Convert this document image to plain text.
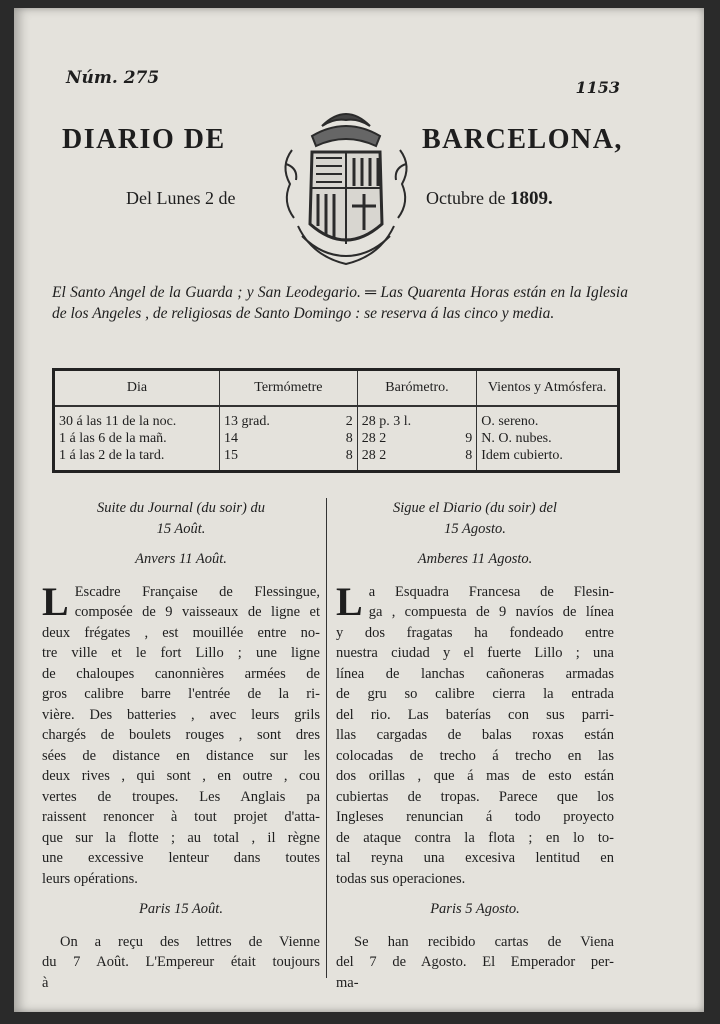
Núm. 275	1153
DIARIO DE	BARCELONA,
Del Lunes 2 de	Octubre de 1809.
El Santo Angel de la Guarda ; y San Leodegario. ═ Las Quarenta Horas están en la Iglesia de los Angeles , de religiosas de Santo Domingo : se reserva á las cinco y media.
Dia	Termómetre		Barómetro.		Vientos y Atmósfera.
30 á las 11 de la noc.	13 grad.	2	28 p. 3 l.		O. sereno.
1 á las 6 de la mañ.	14	8	28 2	9	N. O. nubes.
1 á las 2 de la tard.	15	8	28 2	8	Idem cubierto.
Suite du Journal (du soir) du
15 Août.
Anvers 11 Août.
L Escadre Française de Flessingue,

composée de 9 vaisseaux de ligne et

deux frégates , est mouillée entre no-

tre ville et le fort Lillo ; une ligne

de chaloupes canonnières armées de

gros calibre barre l'entrée de la ri-

vière. Des batteries , avec leurs grils

chargés de boulets rouges , sont dres

sées de distance en distance sur les

deux rives , qui sont , en outre , cou

vertes de troupes. Les Anglais pa

raissent renoncer à tout projet d'atta-

que sur la flotte ; au total , il règne

une excessive lenteur dans toutes

leurs opérations.

Paris 15 Août.

On a reçu des lettres de Vienne

du 7 Août. L'Empereur était toujours

à

Sigue el Diario (du soir) del
15 Agosto.
Amberes 11 Agosto.
L a Esquadra Francesa de Flesin-

ga , compuesta de 9 navíos de línea

y dos fragatas ha fondeado entre

nuestra ciudad y el fuerte Lillo ; una

línea de lanchas cañoneras armadas

de gru so calibre cierra la entrada

del rio. Las baterías con sus parri-

llas cargadas de balas roxas están

colocadas de trecho á trecho en las

dos orillas , que á mas de esto están

cubiertas de tropas. Parece que los

Ingleses renuncian á todo proyecto

de ataque contra la flota ; en lo to-

tal reyna una excesiva lentitud en

todas sus operaciones.

Paris 5 Agosto.

Se han recibido cartas de Viena

del 7 de Agosto. El Emperador per-

ma-
